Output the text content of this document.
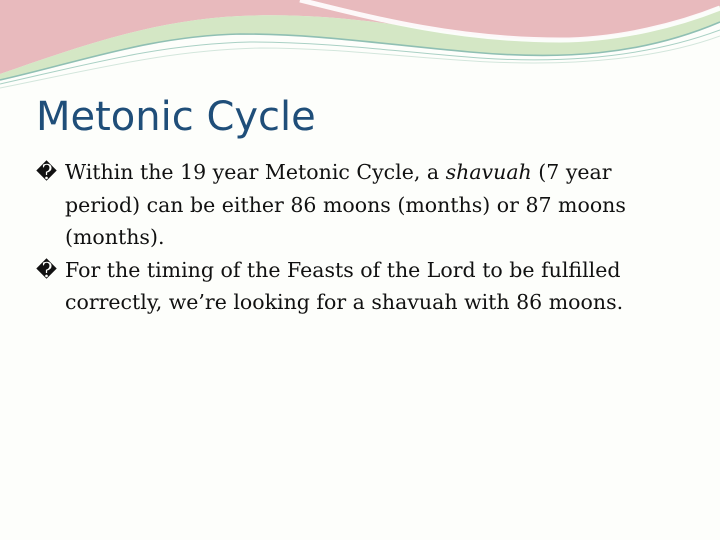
Metonic Cycle
� Within the 19 year Metonic Cycle, a shavuah (7 year
period) can be either 86 moons (months) or 87 moons
(months).
� For the timing of the Feasts of the Lord to be fulfilled
correctly, we’re looking for a shavuah with 86 moons.
